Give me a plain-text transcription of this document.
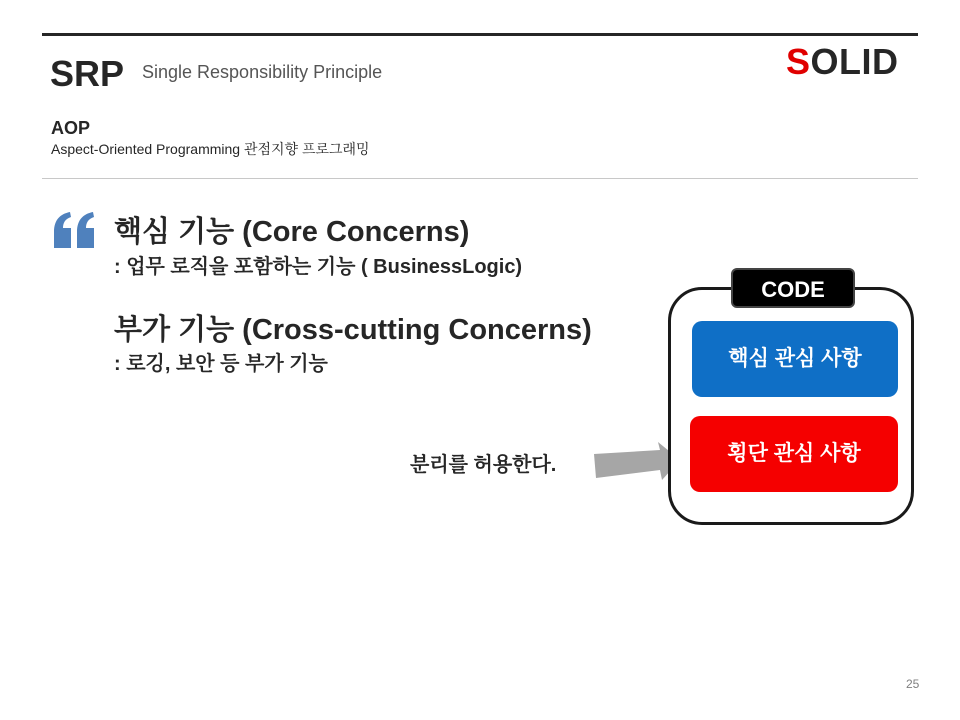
SRP Single Responsibility Principle	SOLID
AOP
Aspect-Oriented Programming 관점지향 프로그래밍
핵심 기능 (Core Concerns)
: 업무 로직을 포함하는 기능 ( BusinessLogic)
부가 기능 (Cross-cutting Concerns)
: 로깅, 보안 등 부가 기능
분리를 허용한다.
CODE
핵심 관심 사항
횡단 관심 사항
25
